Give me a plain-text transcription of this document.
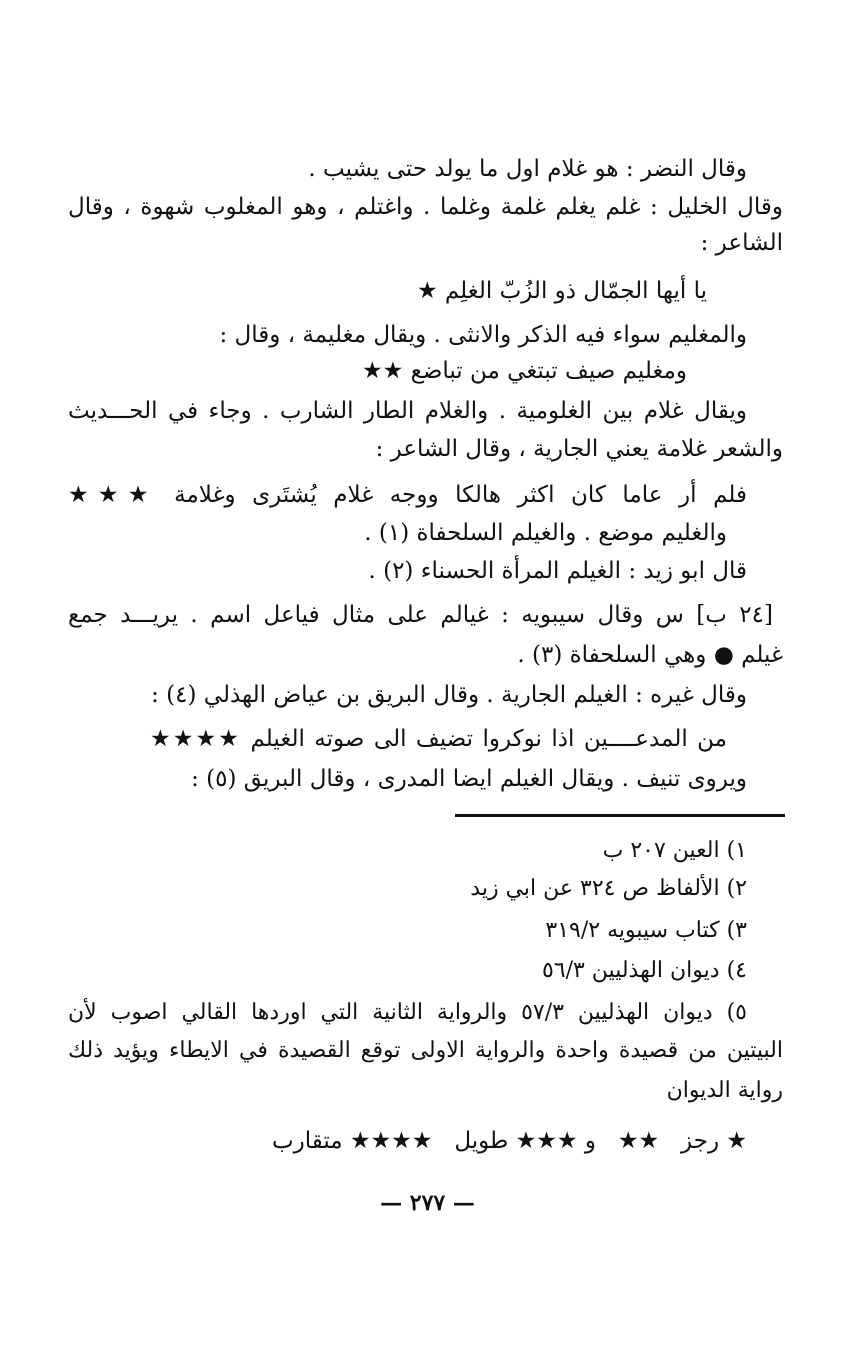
وقال النضر : هو غلام اول ما يولد حتى يشيب .
وقال الخليل : غلم يغلم غلمة وغلما . واغتلم ، وهو المغلوب شهوة ، وقال
الشاعر :
يا أيها الجمّال ذو الزُبّ الغلِم ★
والمغليم سواء فيه الذكر والانثى . ويقال مغليمة ، وقال :
ومغليم صيف تبتغي من تباضع ★★
ويقال غلام بين الغلومية . والغلام الطار الشارب . وجاء في الحـــديث
والشعر غلامة يعني الجارية ، وقال الشاعر :
فلم أر عاما كان اكثر هالكا ووجه غلام يُشتَرى وغلامة ★★★
والغليم موضع . والغيلم السلحفاة (١) .
قال ابو زيد : الغيلم المرأة الحسناء (٢) .
[٢٤ ب] س وقال سيبويه : غيالم على مثال فياعل اسم . يريـــد جمع
غيلم ● وهي السلحفاة (٣) .
وقال غيره : الغيلم الجارية . وقال البريق بن عياض الهذلي (٤) :
من المدعــــين اذا نوكروا تضيف الى صوته الغيلم ★★★★
ويروى تنيف . ويقال الغيلم ايضا المدرى ، وقال البريق (٥) :
١) العين ٢٠٧ ب
٢) الألفاظ ص ٣٢٤ عن ابي زيد
٣) كتاب سيبويه ٣١٩/٢
٤) ديوان الهذليين ٥٦/٣
٥) ديوان الهذليين ٥٧/٣ والرواية الثانية التي اوردها القالي اصوب لأن
البيتين من قصيدة واحدة والرواية الاولى توقع القصيدة في الايطاء ويؤيد ذلك
رواية الديوان
★ رجز   ★★   و ★★★ طويل   ★★★★ متقارب
— ٢٧٧ —
